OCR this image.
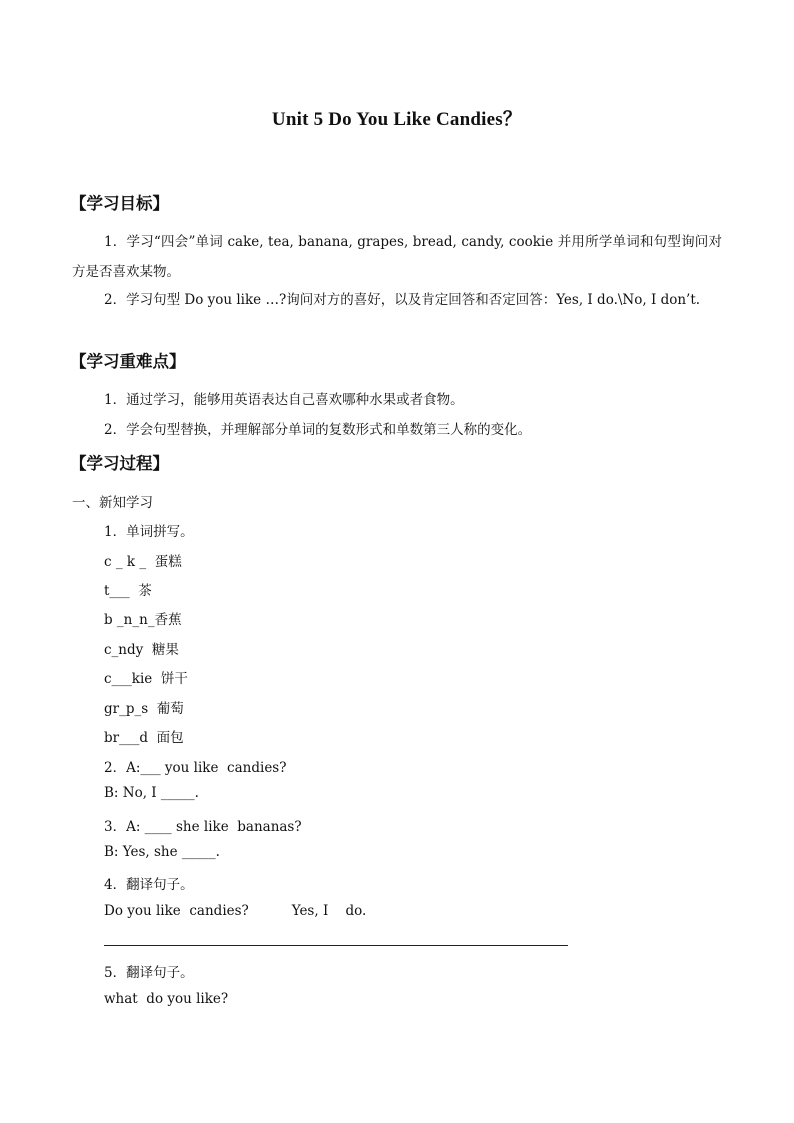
Unit 5 Do You Like Candies？
【学习目标】
1．学习“四会”单词 cake, tea, banana, grapes, bread, candy, cookie 并用所学单词和句型询问对方是否喜欢某物。
2．学习句型 Do you like …?询问对方的喜好，以及肯定回答和否定回答：Yes, I do.\No, I don’t.
【学习重难点】
1．通过学习，能够用英语表达自己喜欢哪种水果或者食物。
2．学会句型替换，并理解部分单词的复数形式和单数第三人称的变化。
【学习过程】
一、新知学习
1．单词拼写。
c _ k _  蛋糕
t___  茶
b _n_n_香蕉
c_ndy  糖果
c___kie  饼干
gr_p_s  葡萄
br___d  面包
2．A:___ you like  candies?
B: No, I _____.
3．A: ____ she like  bananas?
B: Yes, she _____.
4．翻译句子。
Do you like  candies?          Yes, I    do.
5．翻译句子。
what  do you like?
